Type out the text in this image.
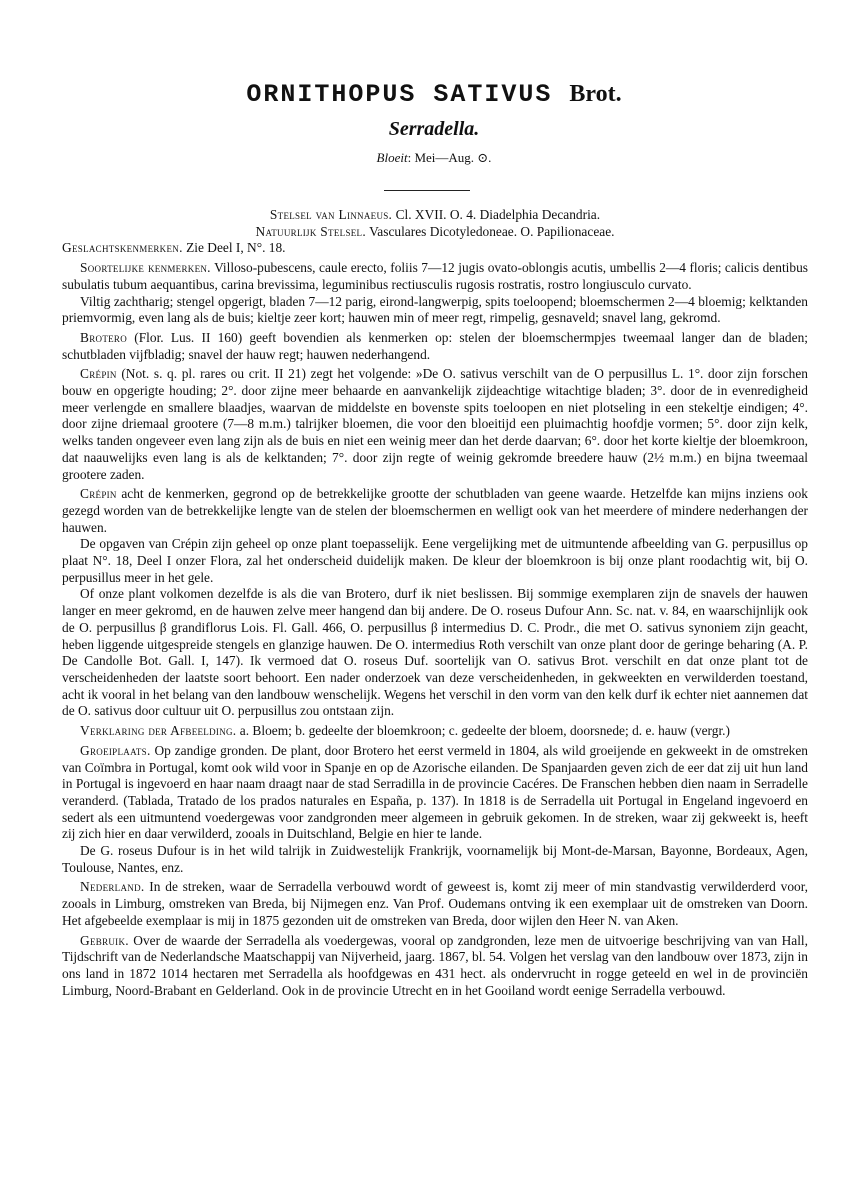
ORNITHOPUS SATIVUS Brot.
Serradella.
Bloeit: Mei—Aug. ⊙.

Stelsel van Linnaeus. Cl. XVII. O. 4. Diadelphia Decandria.

Natuurlijk Stelsel. Vasculares Dicotyledoneae. O. Papilionaceae.

Geslachtskenmerken. Zie Deel I, N°. 18.

Soortelijke kenmerken. Villoso-pubescens, caule erecto, foliis 7—12 jugis ovato-oblongis acutis, umbellis 2—4 floris; calicis dentibus subulatis tubum aequantibus, carina brevissima, leguminibus rectiusculis rugosis rostratis, rostro longiusculo curvato.

Viltig zachtharig; stengel opgerigt, bladen 7—12 parig, eirond-langwerpig, spits toeloopend; bloemschermen 2—4 bloemig; kelktanden priemvormig, even lang als de buis; kieltje zeer kort; hauwen min of meer regt, rimpelig, gesnaveld; snavel lang, gekromd.

Brotero (Flor. Lus. II 160) geeft bovendien als kenmerken op: stelen der bloemschermpjes tweemaal langer dan de bladen; schutbladen vijfbladig; snavel der hauw regt; hauwen nederhangend.

Crépin (Not. s. q. pl. rares ou crit. II 21) zegt het volgende: »De O. sativus verschilt van de O perpusillus L. 1°. door zijn forschen bouw en opgerigte houding; 2°. door zijne meer behaarde en aanvankelijk zijdeachtige witachtige bladen; 3°. door de in evenredigheid meer verlengde en smallere blaadjes, waarvan de middelste en bovenste spits toeloopen en niet plotseling in een stekeltje eindigen; 4°. door zijne driemaal grootere (7—8 m.m.) talrijker bloemen, die voor den bloeitijd een pluimachtig hoofdje vormen; 5°. door zijn kelk, welks tanden ongeveer even lang zijn als de buis en niet een weinig meer dan het derde daarvan; 6°. door het korte kieltje der bloemkroon, dat naauwelijks even lang is als de kelktanden; 7°. door zijn regte of weinig gekromde breedere hauw (2½ m.m.) en bijna tweemaal grootere zaden.

Crépin acht de kenmerken, gegrond op de betrekkelijke grootte der schutbladen van geene waarde. Hetzelfde kan mijns inziens ook gezegd worden van de betrekkelijke lengte van de stelen der bloemschermen en welligt ook van het meerdere of mindere nederhangen der hauwen.

De opgaven van Crépin zijn geheel op onze plant toepasselijk. Eene vergelijking met de uitmuntende afbeelding van G. perpusillus op plaat N°. 18, Deel I onzer Flora, zal het onderscheid duidelijk maken. De kleur der bloemkroon is bij onze plant roodachtig wit, bij O. perpusillus meer in het gele.

Of onze plant volkomen dezelfde is als die van Brotero, durf ik niet beslissen. Bij sommige exemplaren zijn de snavels der hauwen langer en meer gekromd, en de hauwen zelve meer hangend dan bij andere. De O. roseus Dufour Ann. Sc. nat. v. 84, en waarschijnlijk ook de O. perpusillus β grandiflorus Lois. Fl. Gall. 466, O. perpusillus β intermedius D. C. Prodr., die met O. sativus synoniem zijn geacht, heben liggende uitgespreide stengels en glanzige hauwen. De O. intermedius Roth verschilt van onze plant door de geringe beharing (A. P. De Candolle Bot. Gall. I, 147). Ik vermoed dat O. roseus Duf. soortelijk van O. sativus Brot. verschilt en dat onze plant tot de verscheidenheden der laatste soort behoort. Een nader onderzoek van deze verscheidenheden, in gekweekten en verwilderden toestand, acht ik vooral in het belang van den landbouw wenschelijk. Wegens het verschil in den vorm van den kelk durf ik echter niet aannemen dat de O. sativus door cultuur uit O. perpusillus zou ontstaan zijn.

Verklaring der Afbeelding. a. Bloem; b. gedeelte der bloemkroon; c. gedeelte der bloem, doorsnede; d. e. hauw (vergr.)

Groeiplaats. Op zandige gronden. De plant, door Brotero het eerst vermeld in 1804, als wild groeijende en gekweekt in de omstreken van Coïmbra in Portugal, komt ook wild voor in Spanje en op de Azorische eilanden. De Spanjaarden geven zich de eer dat zij uit hun land in Portugal is ingevoerd en haar naam draagt naar de stad Serradilla in de provincie Cacéres. De Franschen hebben dien naam in Serradelle veranderd. (Tablada, Tratado de los prados naturales en España, p. 137). In 1818 is de Serradella uit Portugal in Engeland ingevoerd en sedert als een uitmuntend voedergewas voor zandgronden meer algemeen in gebruik gekomen. In de streken, waar zij gekweekt is, heeft zij zich hier en daar verwilderd, zooals in Duitschland, Belgie en hier te lande.

De G. roseus Dufour is in het wild talrijk in Zuidwestelijk Frankrijk, voornamelijk bij Mont-de-Marsan, Bayonne, Bordeaux, Agen, Toulouse, Nantes, enz.

Nederland. In de streken, waar de Serradella verbouwd wordt of geweest is, komt zij meer of min standvastig verwilderderd voor, zooals in Limburg, omstreken van Breda, bij Nijmegen enz. Van Prof. Oudemans ontving ik een exemplaar uit de omstreken van Doorn. Het afgebeelde exemplaar is mij in 1875 gezonden uit de omstreken van Breda, door wijlen den Heer N. van Aken.

Gebruik. Over de waarde der Serradella als voedergewas, vooral op zandgronden, leze men de uitvoerige beschrijving van van Hall, Tijdschrift van de Nederlandsche Maatschappij van Nijverheid, jaarg. 1867, bl. 54. Volgen het verslag van den landbouw over 1873, zijn in ons land in 1872 1014 hectaren met Serradella als hoofdgewas en 431 hect. als ondervrucht in rogge geteeld en wel in de provinciën Limburg, Noord-Brabant en Gelderland. Ook in de provincie Utrecht en in het Gooiland wordt eenige Serradella verbouwd.
